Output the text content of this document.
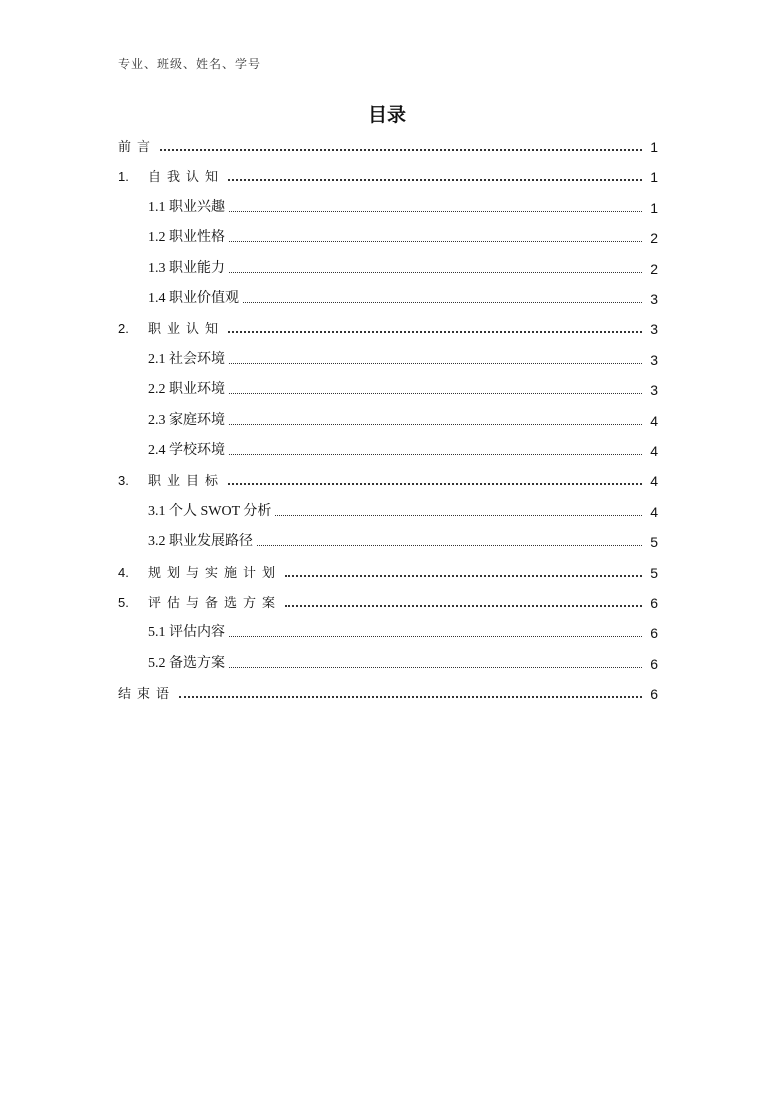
专业、班级、姓名、学号
目录
前言	1
1. 自我认知	1
1.1 职业兴趣	1
1.2 职业性格	2
1.3 职业能力	2
1.4 职业价值观	3
2. 职业认知	3
2.1 社会环境	3
2.2 职业环境	3
2.3 家庭环境	4
2.4 学校环境	4
3. 职业目标	4
3.1 个人 SWOT 分析	4
3.2 职业发展路径	5
4. 规划与实施计划	5
5. 评估与备选方案	6
5.1 评估内容	6
5.2 备选方案	6
结束语	6
